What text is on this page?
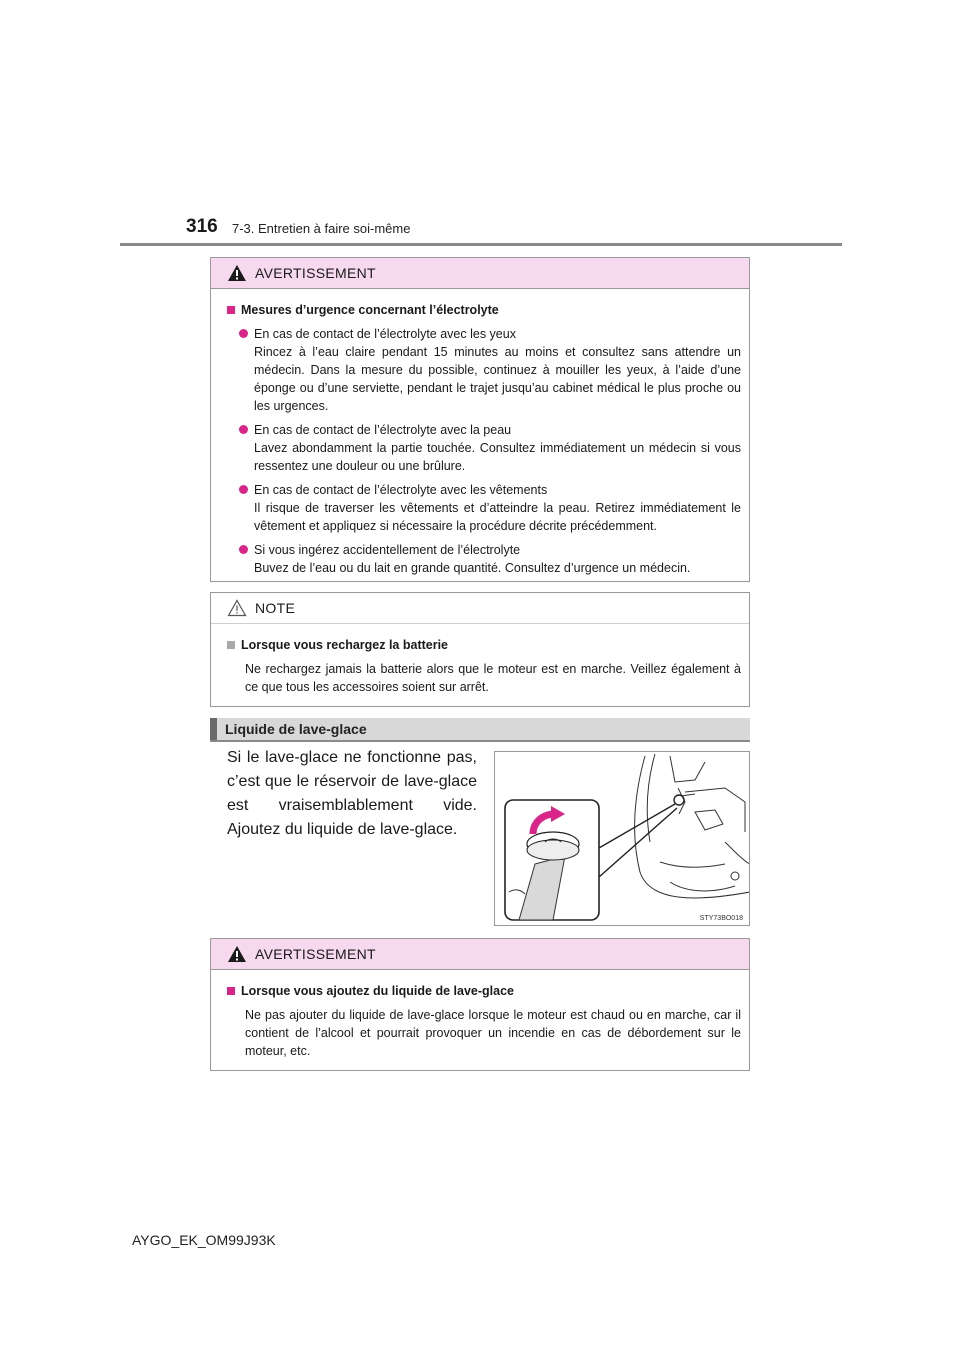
316 7-3. Entretien à faire soi-même
AVERTISSEMENT
Mesures d’urgence concernant l’électrolyte
En cas de contact de l’électrolyte avec les yeux
Rincez à l’eau claire pendant 15 minutes au moins et consultez sans attendre un médecin. Dans la mesure du possible, continuez à mouiller les yeux, à l’aide d’une éponge ou d’une serviette, pendant le trajet jusqu’au cabinet médical le plus proche ou les urgences.
En cas de contact de l’électrolyte avec la peau
Lavez abondamment la partie touchée. Consultez immédiatement un médecin si vous ressentez une douleur ou une brûlure.
En cas de contact de l’électrolyte avec les vêtements
Il risque de traverser les vêtements et d’atteindre la peau. Retirez immédiatement le vêtement et appliquez si nécessaire la procédure décrite précédemment.
Si vous ingérez accidentellement de l’électrolyte
Buvez de l’eau ou du lait en grande quantité. Consultez d’urgence un médecin.
NOTE
Lorsque vous rechargez la batterie
Ne rechargez jamais la batterie alors que le moteur est en marche. Veillez également à ce que tous les accessoires soient sur arrêt.
Liquide de lave-glace
Si le lave-glace ne fonctionne pas, c’est que le réservoir de lave-glace est vraisemblablement vide. Ajoutez du liquide de lave-glace.
STY73BO018
AVERTISSEMENT
Lorsque vous ajoutez du liquide de lave-glace
Ne pas ajouter du liquide de lave-glace lorsque le moteur est chaud ou en marche, car il contient de l’alcool et pourrait provoquer un incendie en cas de débordement sur le moteur, etc.
AYGO_EK_OM99J93K
